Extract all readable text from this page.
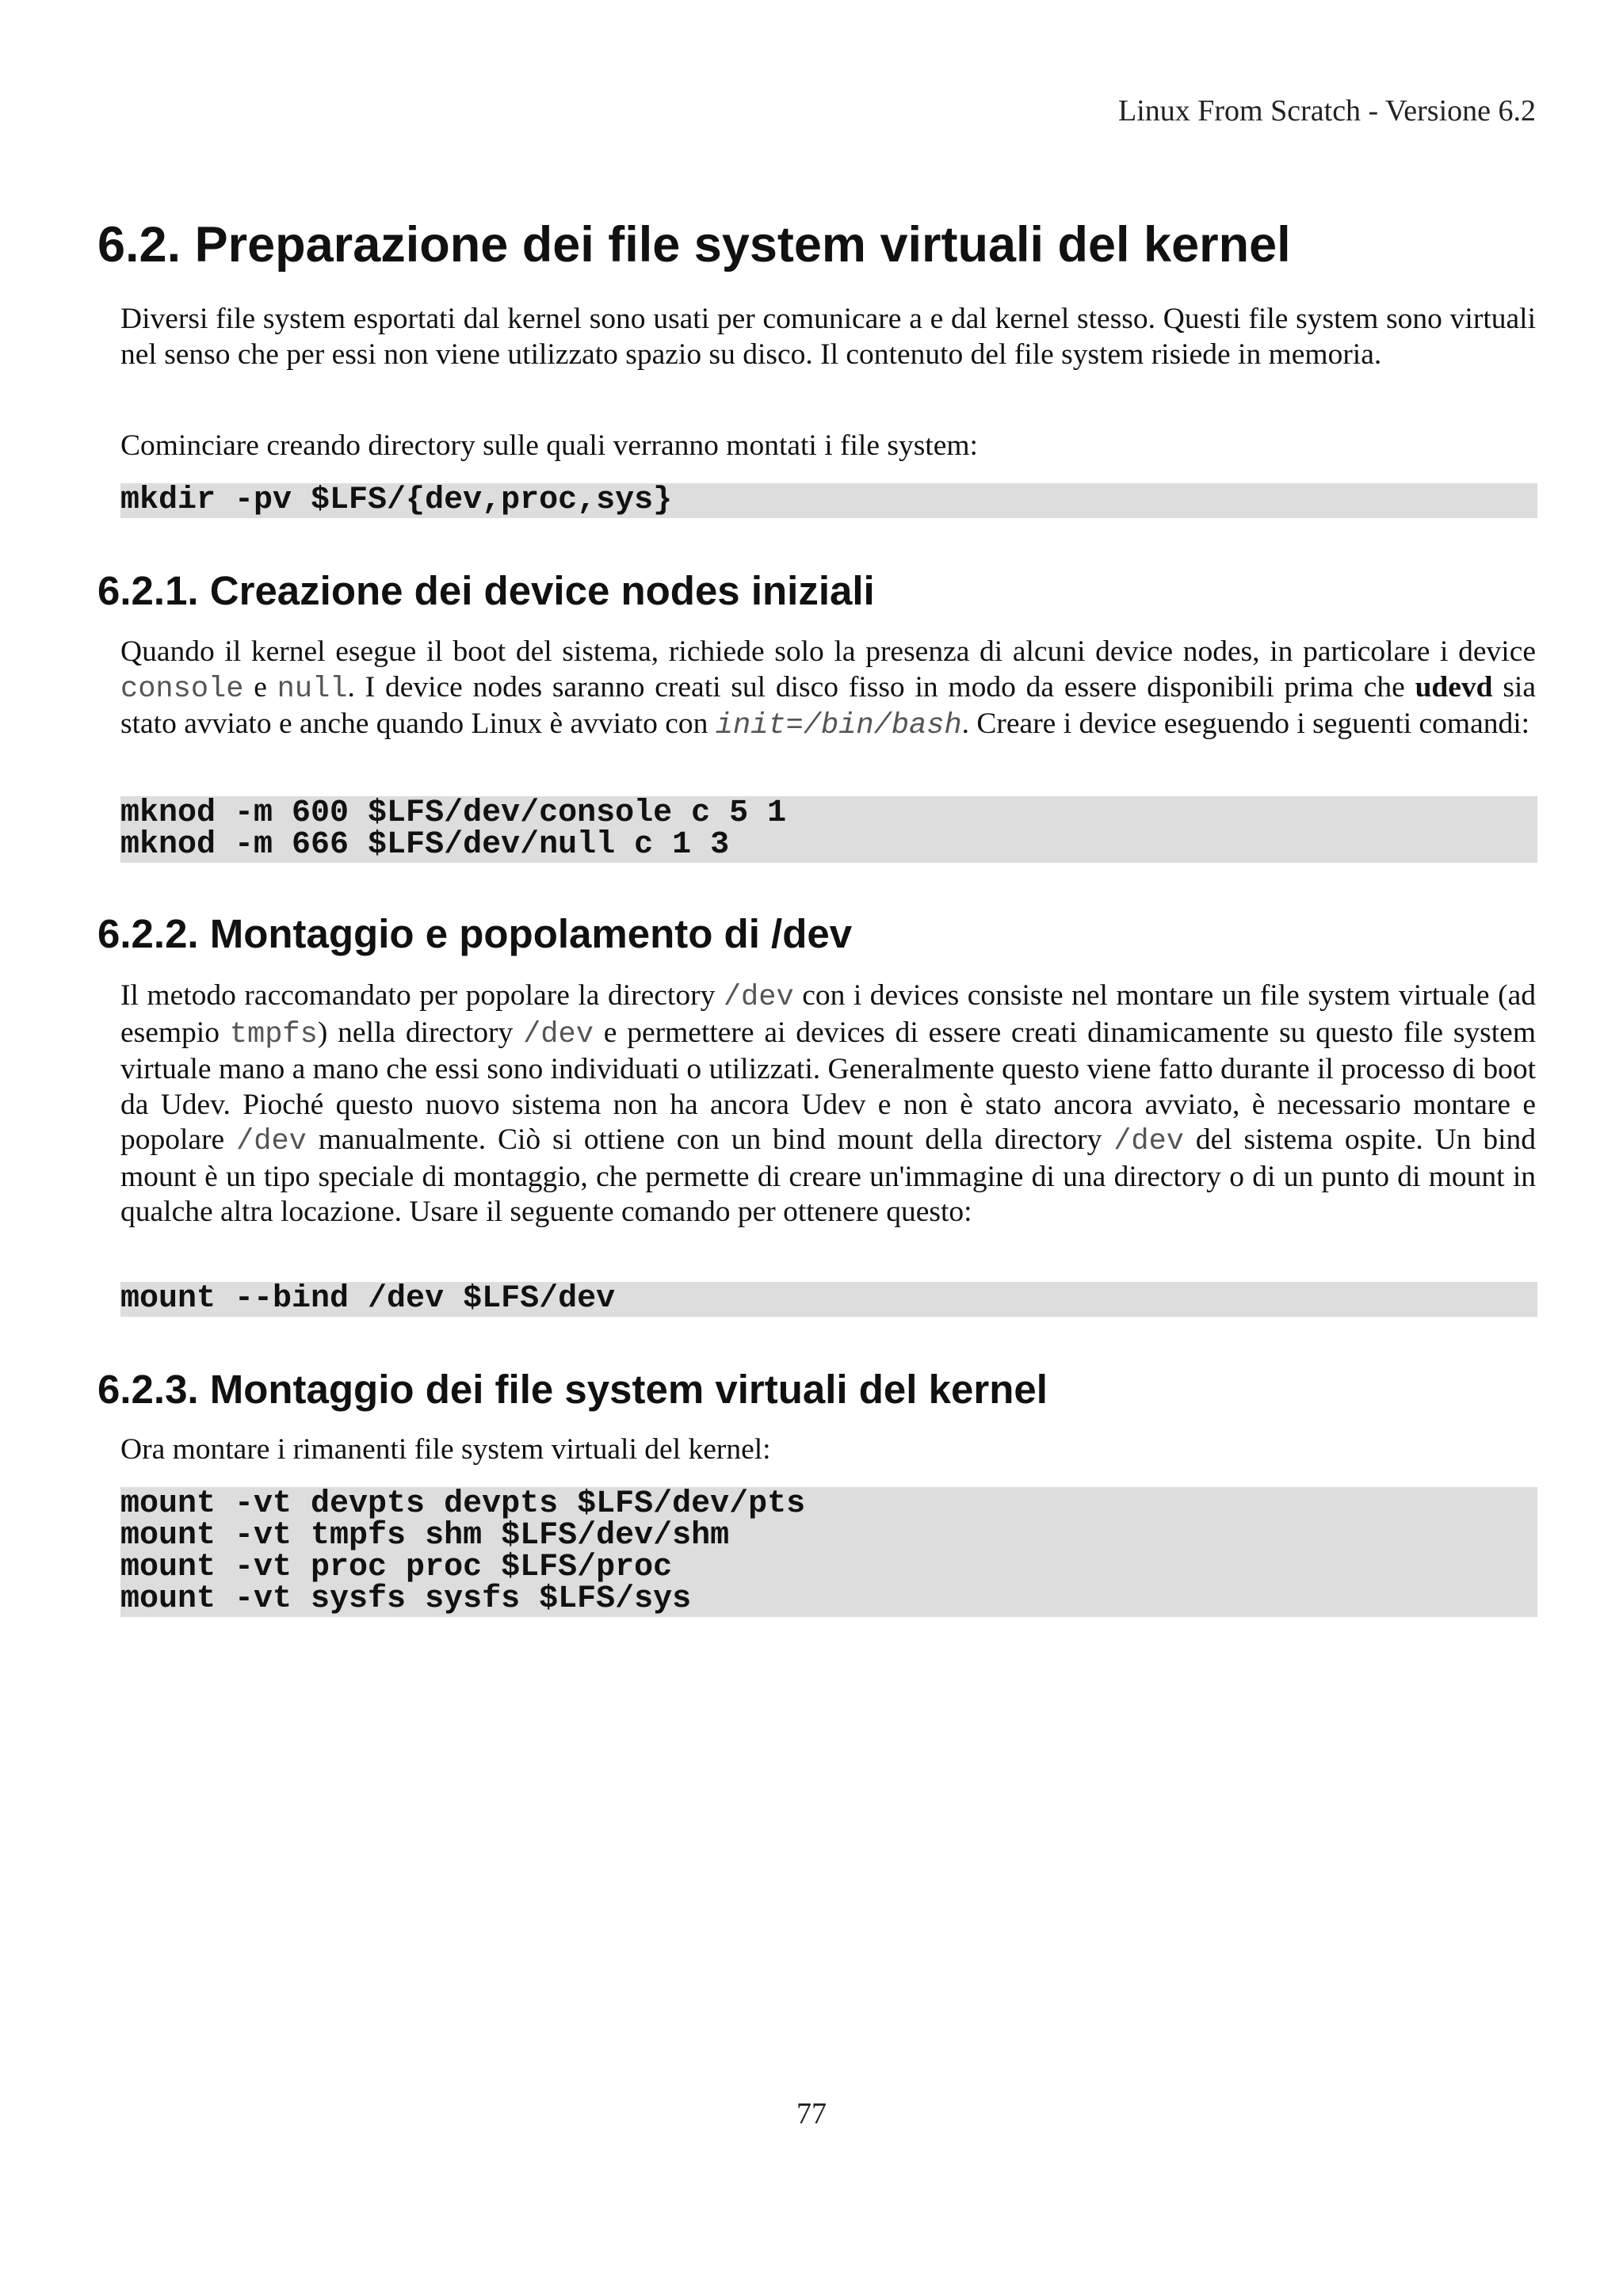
Linux From Scratch - Versione 6.2
6.2. Preparazione dei file system virtuali del kernel

Diversi file system esportati dal kernel sono usati per comunicare a e dal kernel stesso. Questi file system sono virtuali nel senso che per essi non viene utilizzato spazio su disco. Il contenuto del file system risiede in memoria.

Cominciare creando directory sulle quali verranno montati i file system:

mkdir -pv $LFS/{dev,proc,sys}
6.2.1. Creazione dei device nodes iniziali

Quando il kernel esegue il boot del sistema, richiede solo la presenza di alcuni device nodes, in particolare i device console e null. I device nodes saranno creati sul disco fisso in modo da essere disponibili prima che udevd sia stato avviato e anche quando Linux è avviato con init=/bin/bash. Creare i device eseguendo i seguenti comandi:

mknod -m 600 $LFS/dev/console c 5 1
mknod -m 666 $LFS/dev/null c 1 3
6.2.2. Montaggio e popolamento di /dev

Il metodo raccomandato per popolare la directory /dev con i devices consiste nel montare un file system virtuale (ad esempio tmpfs) nella directory /dev e permettere ai devices di essere creati dinamicamente su questo file system virtuale mano a mano che essi sono individuati o utilizzati. Generalmente questo viene fatto durante il processo di boot da Udev. Pioché questo nuovo sistema non ha ancora Udev e non è stato ancora avviato, è necessario montare e popolare /dev manualmente. Ciò si ottiene con un bind mount della directory /dev del sistema ospite. Un bind mount è un tipo speciale di montaggio, che permette di creare un'immagine di una directory o di un punto di mount in qualche altra locazione. Usare il seguente comando per ottenere questo:

mount --bind /dev $LFS/dev
6.2.3. Montaggio dei file system virtuali del kernel

Ora montare i rimanenti file system virtuali del kernel:

mount -vt devpts devpts $LFS/dev/pts
mount -vt tmpfs shm $LFS/dev/shm
mount -vt proc proc $LFS/proc
mount -vt sysfs sysfs $LFS/sys
77
